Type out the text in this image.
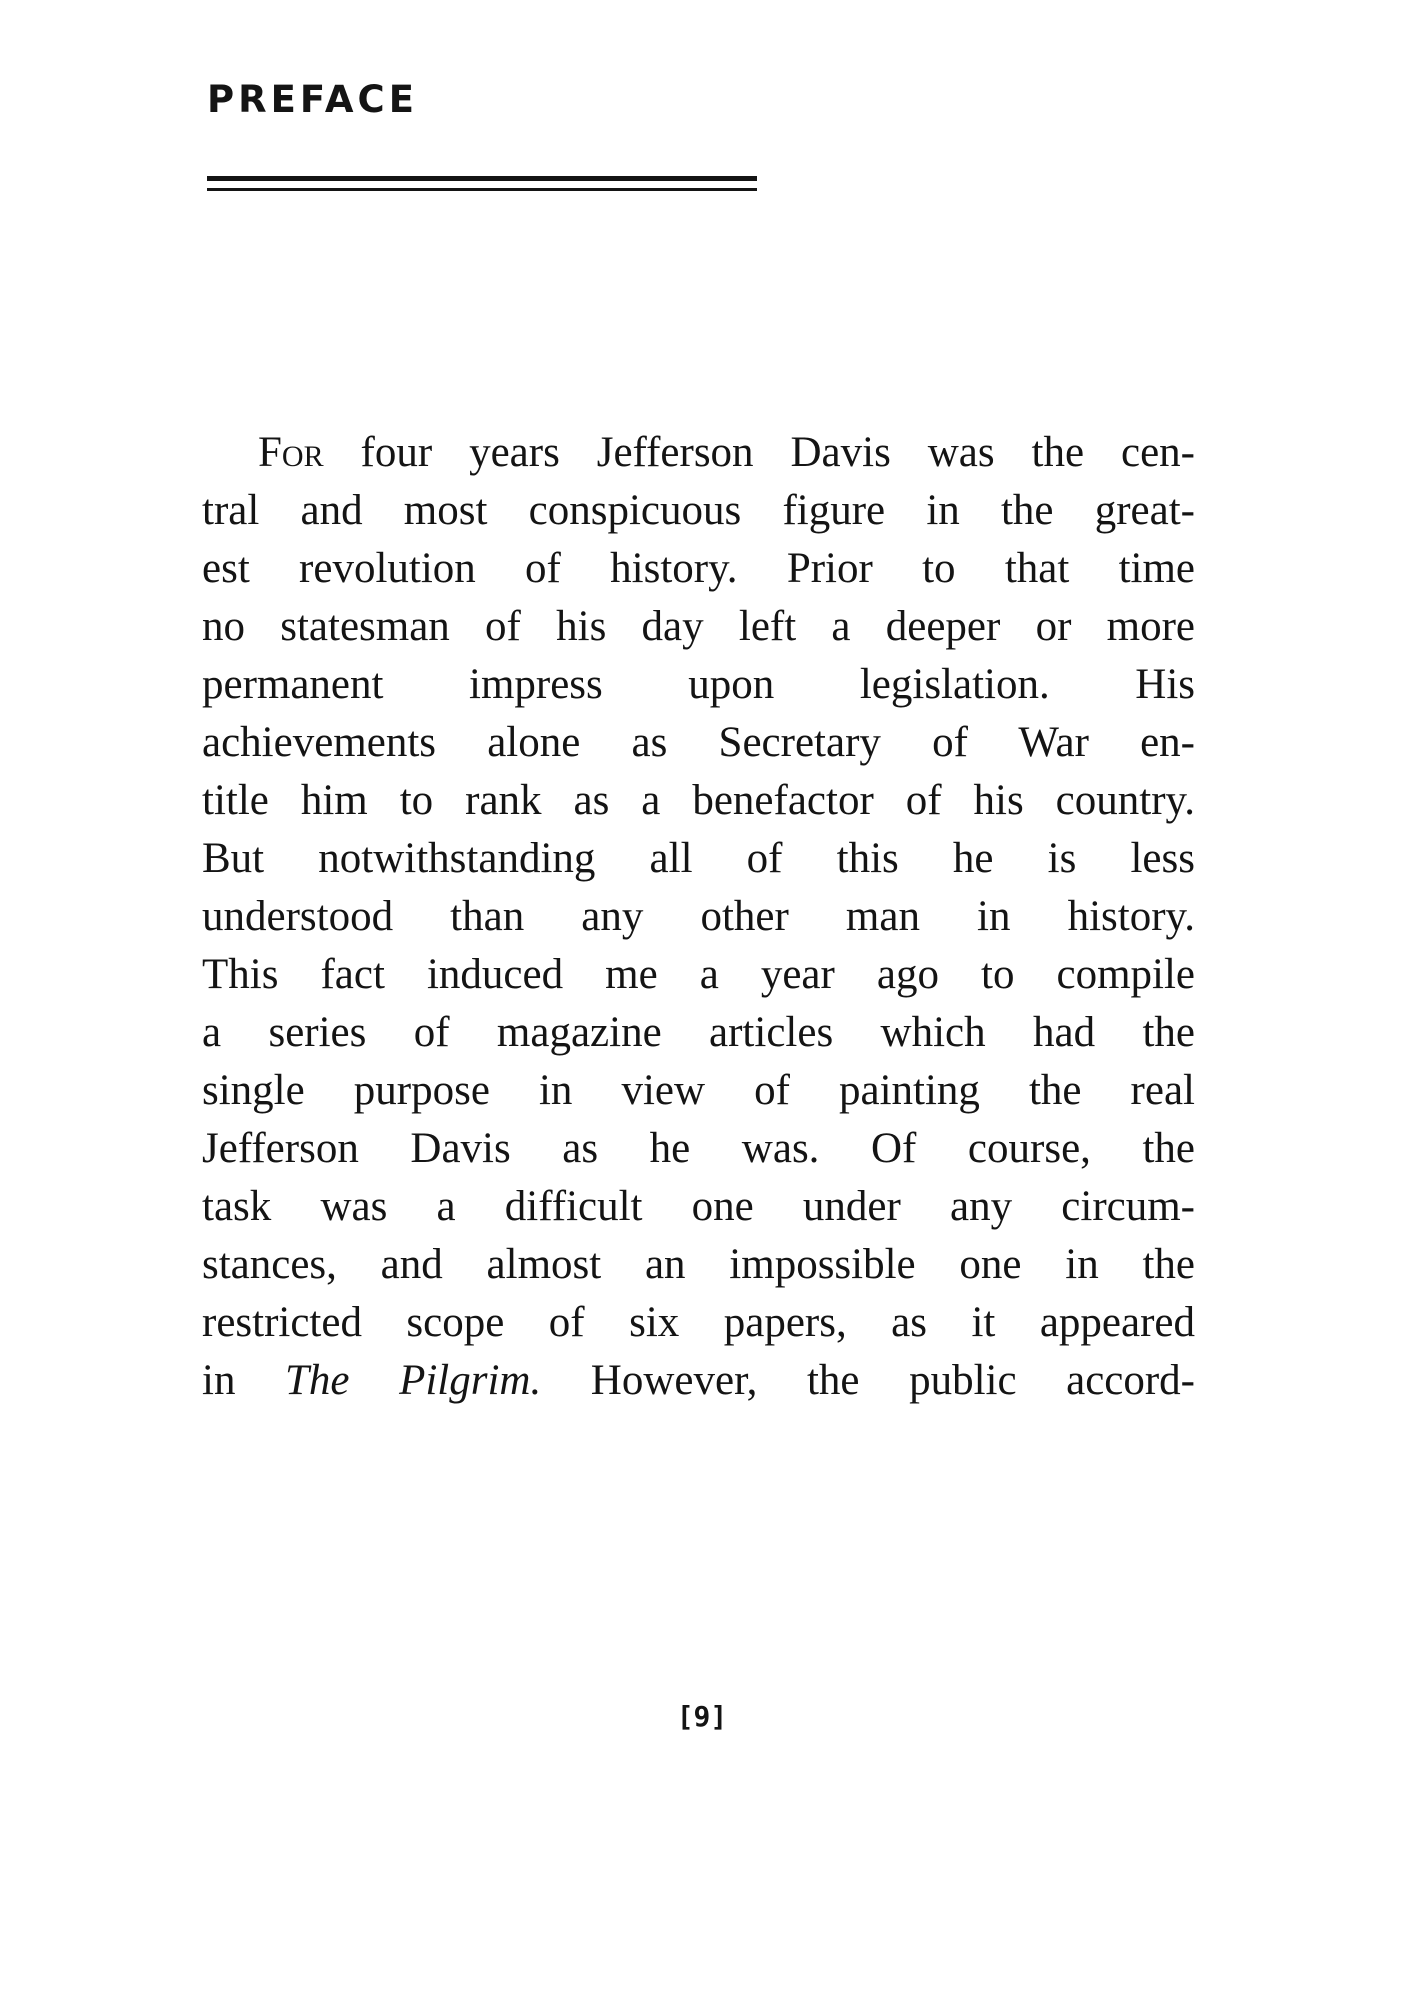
PREFACE
For four years Jefferson Davis was the cen-
tral and most conspicuous figure in the great-
est revolution of history. Prior to that time
no statesman of his day left a deeper or more
permanent impress upon legislation. His
achievements alone as Secretary of War en-
title him to rank as a benefactor of his country.
But notwithstanding all of this he is less
understood than any other man in history.
This fact induced me a year ago to compile
a series of magazine articles which had the
single purpose in view of painting the real
Jefferson Davis as he was. Of course, the
task was a difficult one under any circum-
stances, and almost an impossible one in the
restricted scope of six papers, as it appeared
in The Pilgrim. However, the public accord-
[9]
